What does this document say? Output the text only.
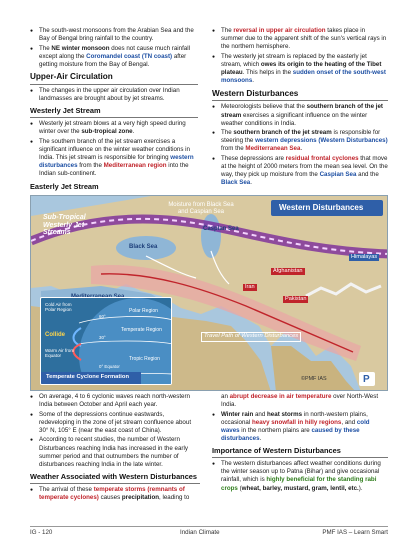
● The south-west monsoons from the Arabian Sea and the Bay of Bengal bring rainfall to the country.
● The NE winter monsoon does not cause much rainfall except along the Coromandel coast (TN coast) after getting moisture from the Bay of Bengal.
Upper-Air Circulation
● The changes in the upper air circulation over Indian landmasses are brought about by jet streams.
Westerly Jet Stream
● Westerly jet stream blows at a very high speed during winter over the sub-tropical zone.
● The southern branch of the jet stream exercises a significant influence on the winter weather conditions in India. This jet stream is responsible for bringing western disturbances from the Mediterranean region into the Indian sub-continent.
Easterly Jet Stream
● The reversal in upper air circulation takes place in summer due to the apparent shift of the sun's vertical rays in the northern hemisphere.
● The westerly jet stream is replaced by the easterly jet stream, which owes its origin to the heating of the Tibet plateau. This helps in the sudden onset of the south-west monsoons.
Western Disturbances
● Meteorologists believe that the southern branch of the jet stream exercises a significant influence on the winter weather conditions in India.
● The southern branch of the jet stream is responsible for steering the western depressions (Western Disturbances) from the Mediterranean Sea.
● These depressions are residual frontal cyclones that move at the height of 2000 meters from the mean sea level. On the way, they pick up moisture from the Caspian Sea and the Black Sea.
Western Disturbances
Sub-Tropical Westerly Jet Streams
Moisture from Black Sea and Caspian Sea
Caspian Sea
Black Sea
Afghanistan
Iran
Pakistan
Himalayas
Travel Path of Western Disturbances
©PMF IAS	P
Polar Region
Temperate Region
Tropic Region
Cold Air from Polar Region
Warm Air from Equator
Collide
60°
30°
0° Equator
Temperate Cyclone Formation
● On average, 4 to 6 cyclonic waves reach north-western India between October and April each year.
● Some of the depressions continue eastwards, redeveloping in the zone of jet stream confluence about 30° N, 105° E (near the east coast of China).
● According to recent studies, the number of Western Disturbances reaching India has increased in the early summer period and that outnumbers the number of disturbances reaching India in the late winter.
Weather Associated with Western Disturbances
● The arrival of these temperate storms (remnants of temperate cyclones) causes precipitation, leading to
an abrupt decrease in air temperature over North-West India.
● Winter rain and heat storms in north-western plains, occasional heavy snowfall in hilly regions, and cold waves in the northern plains are caused by these disturbances.
Importance of Western Disturbances
● The western disturbances affect weather conditions during the winter season up to Patna (Bihar) and give occasional rainfall, which is highly beneficial for the standing rabi crops (wheat, barley, mustard, gram, lentil, etc.).
IG - 120	Indian Climate	PMF IAS – Learn Smart
